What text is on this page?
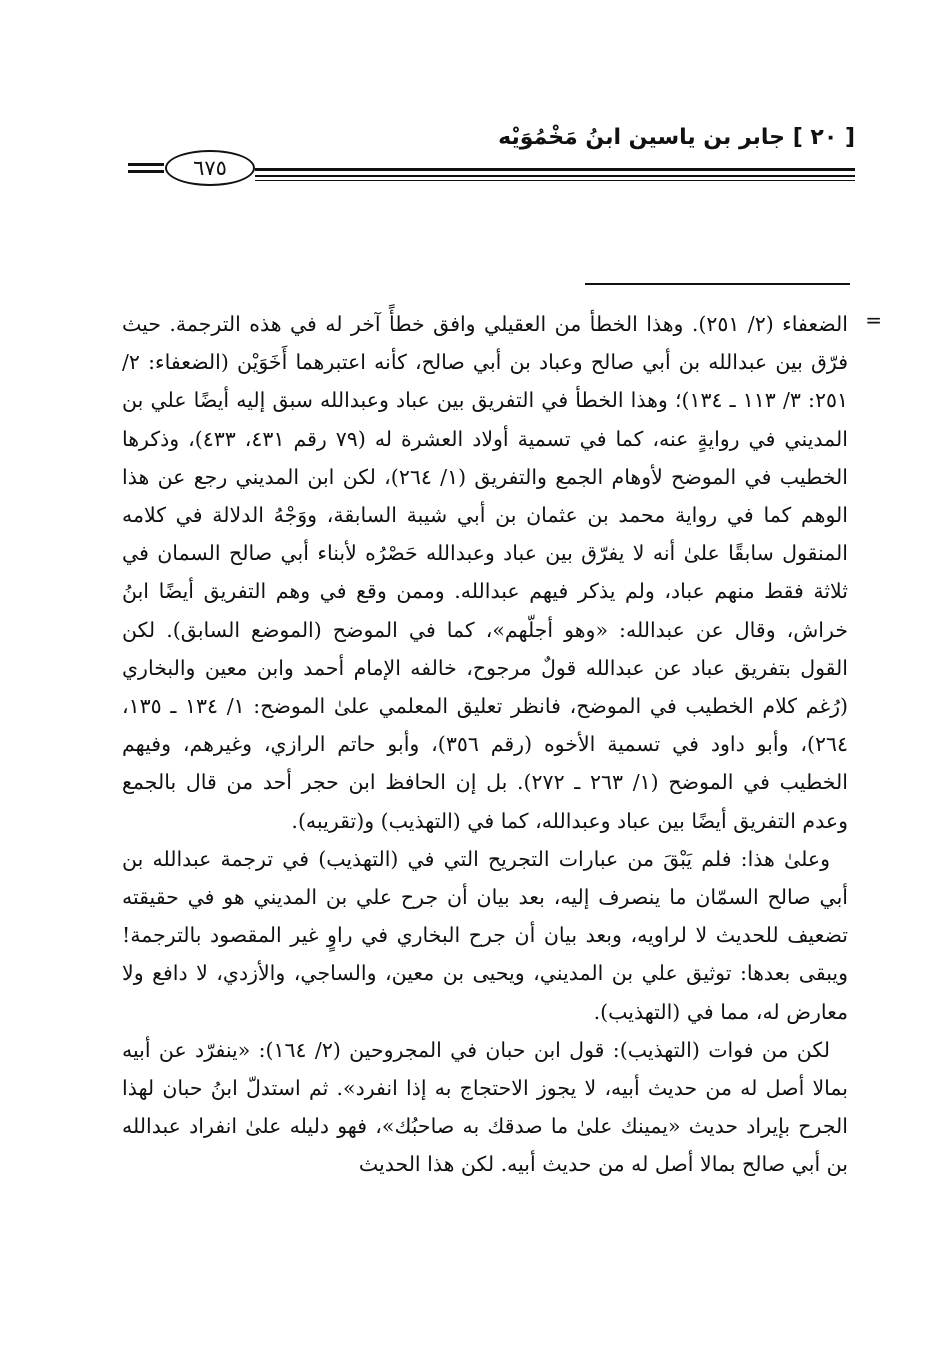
[ ٢٠ ] جابر بن ياسين ابنُ مَخْمُوَيْه
٦٧٥
=

الضعفاء (٢/ ٢٥١). وهذا الخطأ من العقيلي وافق خطأً آخر له في هذه الترجمة. حيث فرّق بين عبدالله بن أبي صالح وعباد بن أبي صالح، كأنه اعتبرهما أَخَوَيْن (الضعفاء: ٢/ ٢٥١: ٣/ ١١٣ ـ ١٣٤)؛ وهذا الخطأ في التفريق بين عباد وعبدالله سبق إليه أيضًا علي بن المديني في روايةٍ عنه، كما في تسمية أولاد العشرة له (٧٩ رقم ٤٣١، ٤٣٣)، وذكرها الخطيب في الموضح لأوهام الجمع والتفريق (١/ ٢٦٤)، لكن ابن المديني رجع عن هذا الوهم كما في رواية محمد بن عثمان بن أبي شيبة السابقة، ووَجْهُ الدلالة في كلامه المنقول سابقًا علىٰ أنه لا يفرّق بين عباد وعبدالله حَصْرُه لأبناء أبي صالح السمان في ثلاثة فقط منهم عباد، ولم يذكر فيهم عبدالله. وممن وقع في وهم التفريق أيضًا ابنُ خراش، وقال عن عبدالله: «وهو أجلّهم»، كما في الموضح (الموضع السابق). لكن القول بتفريق عباد عن عبدالله قولٌ مرجوح، خالفه الإمام أحمد وابن معين والبخاري (رُغم كلام الخطيب في الموضح، فانظر تعليق المعلمي علىٰ الموضح: ١/ ١٣٤ ـ ١٣٥، ٢٦٤)، وأبو داود في تسمية الأخوه (رقم ٣٥٦)، وأبو حاتم الرازي، وغيرهم، وفيهم الخطيب في الموضح (١/ ٢٦٣ ـ ٢٧٢). بل إن الحافظ ابن حجر أحد من قال بالجمع وعدم التفريق أيضًا بين عباد وعبدالله، كما في (التهذيب) و(تقريبه).

وعلىٰ هذا: فلم يَبْقَ من عبارات التجريح التي في (التهذيب) في ترجمة عبدالله بن أبي صالح السمّان ما ينصرف إليه، بعد بيان أن جرح علي بن المديني هو في حقيقته تضعيف للحديث لا لراويه، وبعد بيان أن جرح البخاري في راوٍ غير المقصود بالترجمة! ويبقى بعدها: توثيق علي بن المديني، ويحيى بن معين، والساجي، والأزدي، لا دافع ولا معارض له، مما في (التهذيب).

لكن من فوات (التهذيب): قول ابن حبان في المجروحين (٢/ ١٦٤): «ينفرّد عن أبيه بمالا أصل له من حديث أبيه، لا يجوز الاحتجاج به إذا انفرد». ثم استدلّ ابنُ حبان لهذا الجرح بإيراد حديث «يمينك علىٰ ما صدقك به صاحبُك»، فهو دليله علىٰ انفراد عبدالله بن أبي صالح بمالا أصل له من حديث أبيه. لكن هذا الحديث
